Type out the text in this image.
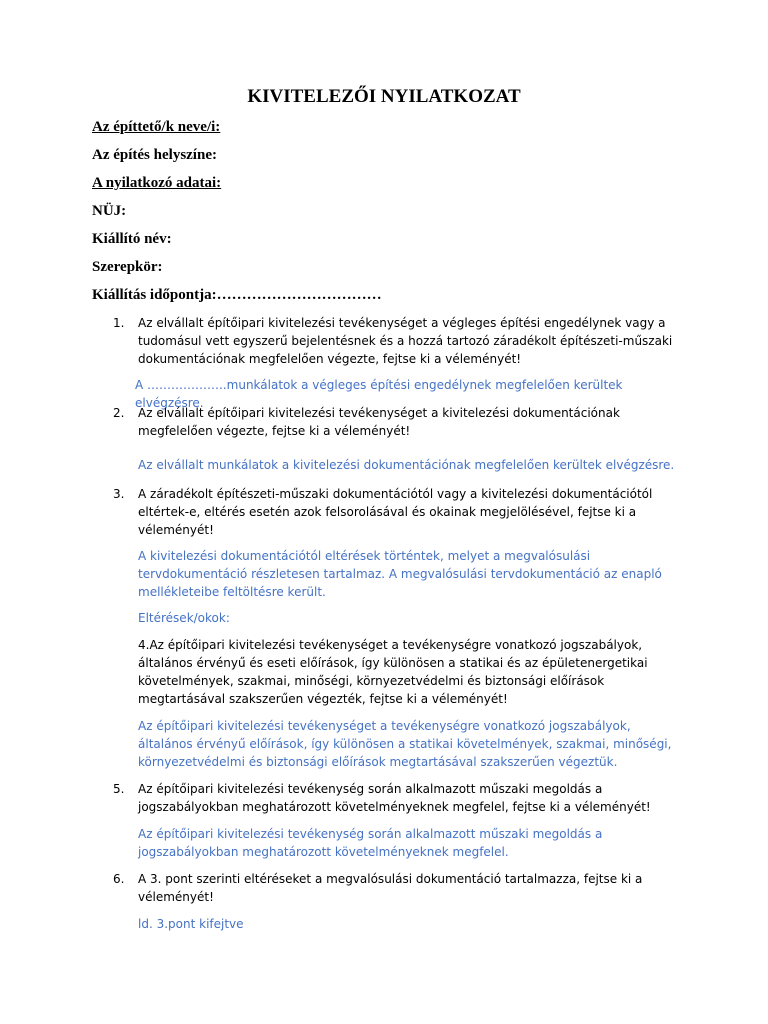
KIVITELEZŐI NYILATKOZAT
Az építtető/k neve/i:
Az építés helyszíne:
A nyilatkozó adatai:
NÜJ:
Kiállító név:
Szerepkör:
Kiállítás időpontja:……………………………
1. Az elvállalt építőipari kivitelezési tevékenységet a végleges építési engedélynek vagy a tudomásul vett egyszerű bejelentésnek és a hozzá tartozó záradékolt építészeti-műszaki dokumentációnak megfelelően végezte, fejtse ki a véleményét!
A ………………..munkálatok a végleges építési engedélynek megfelelően kerültek elvégzésre.
2. Az elvállalt építőipari kivitelezési tevékenységet a kivitelezési dokumentációnak megfelelően végezte, fejtse ki a véleményét!
Az elvállalt munkálatok a kivitelezési dokumentációnak megfelelően kerültek elvégzésre.
3. A záradékolt építészeti-műszaki dokumentációtól vagy a kivitelezési dokumentációtól eltértek-e, eltérés esetén azok felsorolásával és okainak megjelölésével, fejtse ki a véleményét!
A kivitelezési dokumentációtól eltérések történtek, melyet a megvalósulási tervdokumentáció részletesen tartalmaz. A megvalósulási tervdokumentáció az enapló mellékleteibe feltöltésre került.
Eltérések/okok:
4.Az építőipari kivitelezési tevékenységet a tevékenységre vonatkozó jogszabályok, általános érvényű és eseti előírások, így különösen a statikai és az épületenergetikai követelmények, szakmai, minőségi, környezetvédelmi és biztonsági előírások megtartásával szakszerűen végezték, fejtse ki a véleményét!
Az építőipari kivitelezési tevékenységet a tevékenységre vonatkozó jogszabályok, általános érvényű előírások, így különösen a statikai követelmények, szakmai, minőségi, környezetvédelmi és biztonsági előírások megtartásával szakszerűen végeztük.
5. Az építőipari kivitelezési tevékenység során alkalmazott műszaki megoldás a jogszabályokban meghatározott követelményeknek megfelel, fejtse ki a véleményét!
Az építőipari kivitelezési tevékenység során alkalmazott műszaki megoldás a jogszabályokban meghatározott követelményeknek megfelel.
6. A 3. pont szerinti eltéréseket a megvalósulási dokumentáció tartalmazza, fejtse ki a véleményét!
ld. 3.pont kifejtve
